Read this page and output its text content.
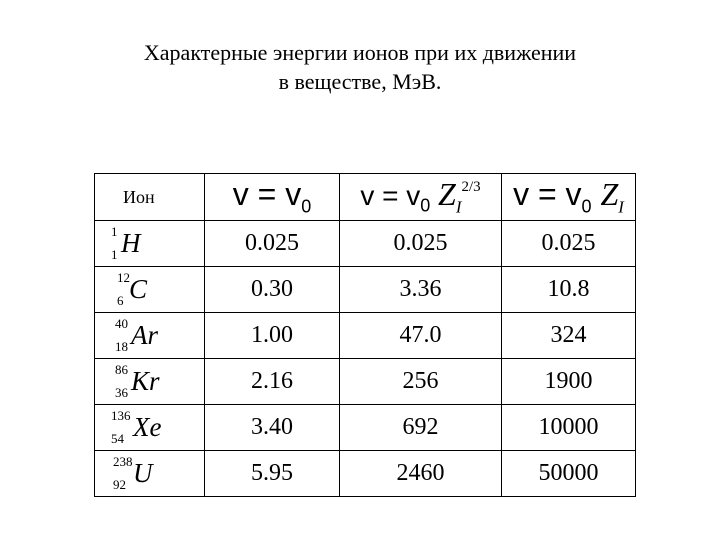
Характерные энергии ионов при их движении
в веществе, МэВ.
Ион	$v = v_0$	$v = v_0$ $Z_I^{2/3}$	$v = v_0$ $Z_I$

1
1 H	0.025	0.025	0.025

12
6 C	0.30	3.36	10.8

40
18 Ar	1.00	47.0	324

86
36 Kr	2.16	256	1900

136
54 Xe	3.40	692	10000

238
92 U	5.95	2460	50000
